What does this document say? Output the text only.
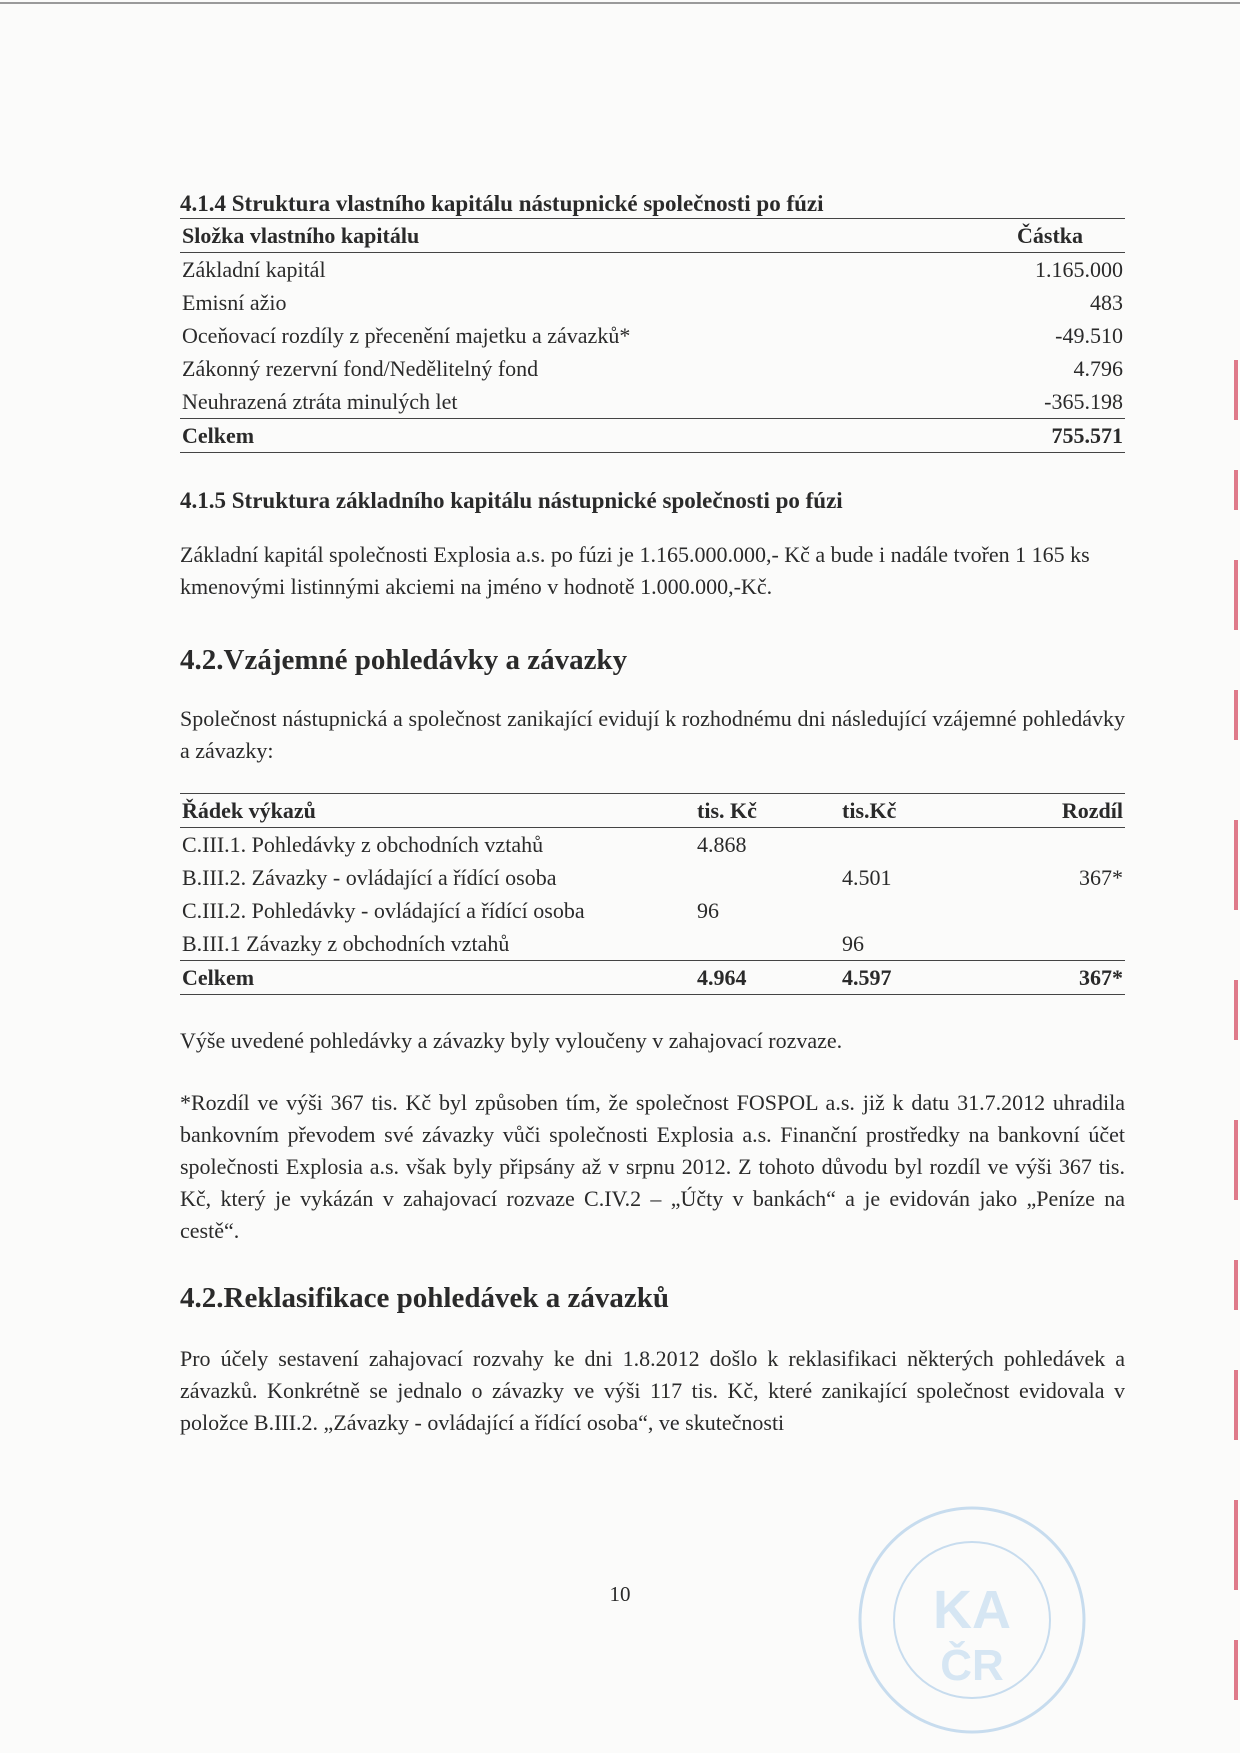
4.1.4 Struktura vlastního kapitálu nástupnické společnosti po fúzi
Složka vlastního kapitálu	Částka
Základní kapitál	1.165.000
Emisní ažio	483
Oceňovací rozdíly z přecenění majetku a závazků*	-49.510
Zákonný rezervní fond/Nedělitelný fond	4.796
Neuhrazená ztráta minulých let	-365.198
Celkem	755.571
4.1.5 Struktura základního kapitálu nástupnické společnosti po fúzi

Základní kapitál společnosti Explosia a.s. po fúzi je 1.165.000.000,- Kč a bude i nadále tvořen 1 165 ks kmenovými listinnými akciemi na jméno v hodnotě 1.000.000,-Kč.

4.2.Vzájemné pohledávky a závazky

Společnost nástupnická a společnost zanikající evidují k rozhodnému dni následující vzájemné pohledávky a závazky:

Řádek výkazů	tis. Kč	tis.Kč	Rozdíl
C.III.1. Pohledávky z obchodních vztahů	4.868		
B.III.2. Závazky - ovládající a řídící osoba		4.501	367*
C.III.2. Pohledávky - ovládající a řídící osoba	96		
B.III.1 Závazky z obchodních vztahů		96	
Celkem	4.964	4.597	367*

Výše uvedené pohledávky a závazky byly vyloučeny v zahajovací rozvaze.

*Rozdíl ve výši 367 tis. Kč byl způsoben tím, že společnost FOSPOL a.s. již k datu 31.7.2012 uhradila bankovním převodem své závazky vůči společnosti Explosia a.s. Finanční prostředky na bankovní účet společnosti Explosia a.s. však byly připsány až v srpnu 2012. Z tohoto důvodu byl rozdíl ve výši 367 tis. Kč, který je vykázán v zahajovací rozvaze C.IV.2 – „Účty v bankách“ a je evidován jako „Peníze na cestě“.

4.2.Reklasifikace pohledávek a závazků

Pro účely sestavení zahajovací rozvahy ke dni 1.8.2012 došlo k reklasifikaci některých pohledávek a závazků. Konkrétně se jednalo o závazky ve výši 117 tis. Kč, které zanikající společnost evidovala v položce B.III.2. „Závazky - ovládající a řídící osoba“, ve skutečnosti

10	KA
ČR
